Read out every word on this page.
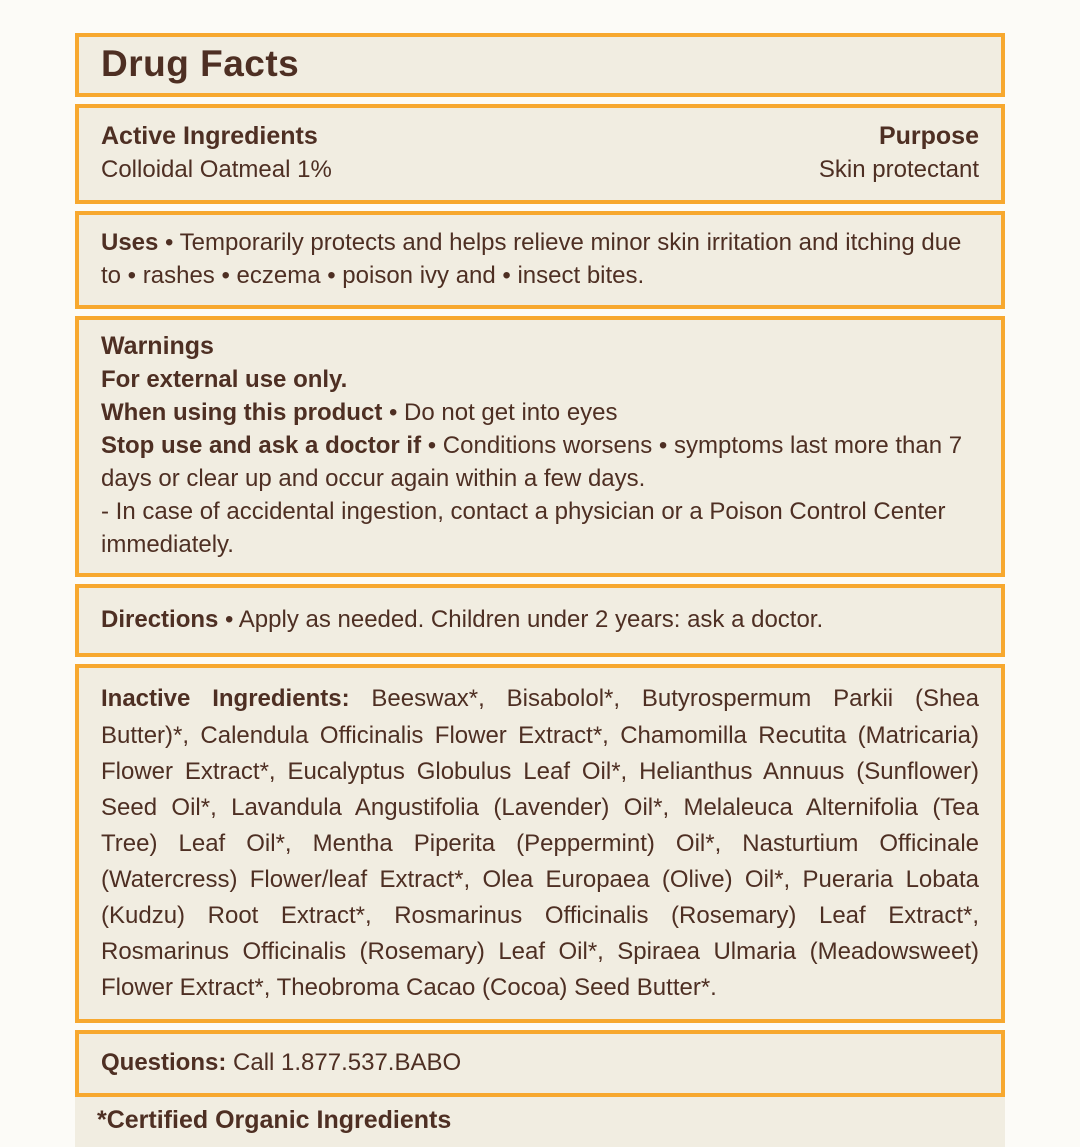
Drug Facts
Active Ingredients
Colloidal Oatmeal 1%
Purpose
Skin protectant
Uses • Temporarily protects and helps relieve minor skin irritation and itching due to • rashes • eczema • poison ivy and • insect bites.
Warnings
For external use only.
When using this product • Do not get into eyes
Stop use and ask a doctor if • Conditions worsens • symptoms last more than 7 days or clear up and occur again within a few days.
- In case of accidental ingestion, contact a physician or a Poison Control Center immediately.
Directions • Apply as needed. Children under 2 years: ask a doctor.
Inactive Ingredients: Beeswax*, Bisabolol*, Butyrospermum Parkii (Shea Butter)*, Calendula Officinalis Flower Extract*, Chamomilla Recutita (Matricaria) Flower Extract*, Eucalyptus Globulus Leaf Oil*, Helianthus Annuus (Sunflower) Seed Oil*, Lavandula Angustifolia (Lavender) Oil*, Melaleuca Alternifolia (Tea Tree) Leaf Oil*, Mentha Piperita (Peppermint) Oil*, Nasturtium Officinale (Watercress) Flower/leaf Extract*, Olea Europaea (Olive) Oil*, Pueraria Lobata (Kudzu) Root Extract*, Rosmarinus Officinalis (Rosemary) Leaf Extract*, Rosmarinus Officinalis (Rosemary) Leaf Oil*, Spiraea Ulmaria (Meadowsweet) Flower Extract*, Theobroma Cacao (Cocoa) Seed Butter*.
Questions: Call 1.877.537.BABO
*Certified Organic Ingredients
